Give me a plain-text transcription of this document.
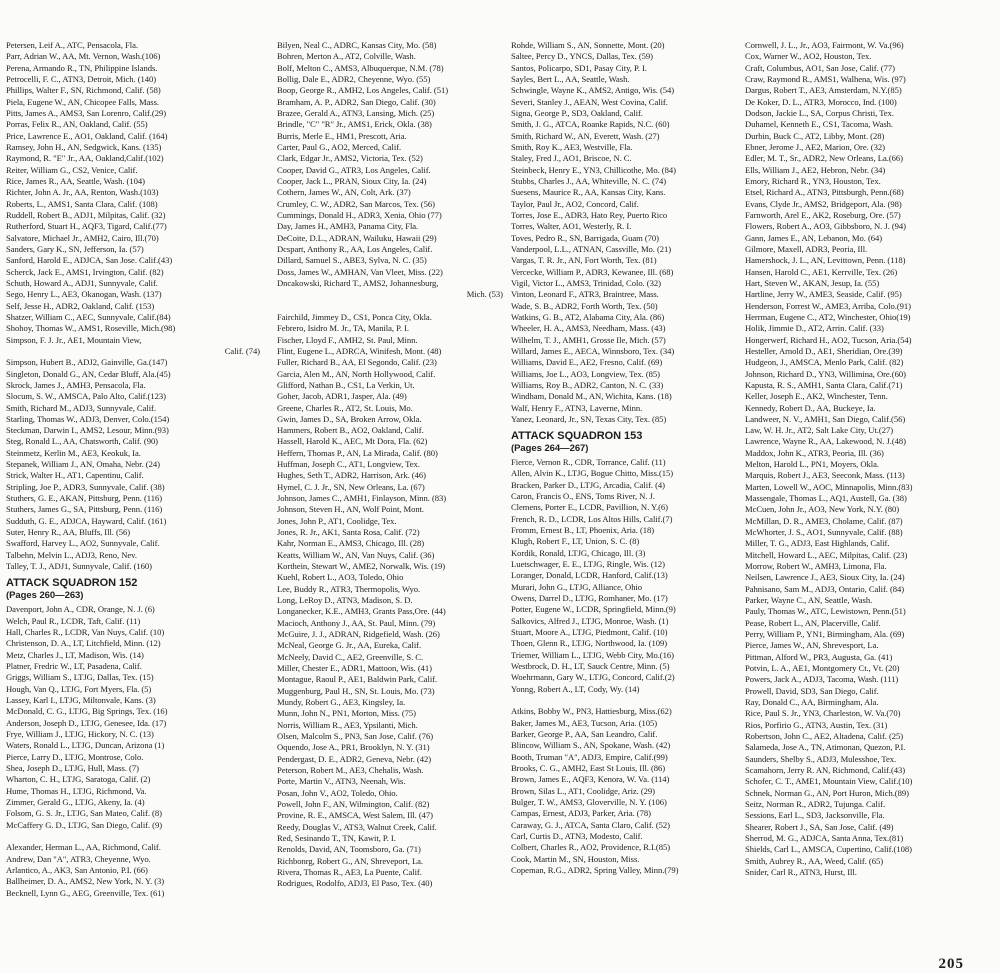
Petersen, Leif A., ATC, Pensacola, Fla.
Parr, Adrian W., AA, Mt. Vernon, Wash.(106)
Perena, Armando R., TN, Philippine Islands.
Petrocelli, F. C., ATN3, Detroit, Mich. (140)
Phillips, Walter F., SN, Richmond, Calif. (58)
Piela, Eugene W., AN, Chicopee Falls, Mass.
Pitts, James A., AMS3, San Lorenro, Calif.(29)
Porras, Felix R., AN, Oakland, Calif. (55)
Price, Lawrence E., AO1, Oakland, Calif. (164)
Ramsey, John H., AN, Sedgwick, Kans. (135)
Raymond, R. "E" Jr., AA, Oakland,Calif.(102)
Reiter, William G., CS2, Venice, Calif.
Rice, James R., AA, Seattle, Wash. (104)
Richter, John A. Jr., AA, Renton, Wash.(103)
Roberts, L., AMS1, Santa Clara, Calif. (108)
Ruddell, Robert B., ADJ1, Milpitas, Calif. (32)
Rutherford, Stuart H., AQF3, Tigard, Calif.(77)
Salvatore, Michael Jr., AMH2, Cairo, Ill.(70)
Sanders, Gary K., SN, Jefferson, Ia. (57)
Sanford, Harold E., ADJCA, San Jose. Calif.(43)
Scherck, Jack E., AMS1, Irvington, Calif. (82)
Schuth, Howard A., ADJ1, Sunnyvale, Calif.
Sego, Henry L., AE3, Okanogan, Wash. (137)
Self, Jesse H., ADR2, Oakland, Calif. (153)
Shatzer, William C., AEC, Sunnyvale, Calif.(84)
Shohoy, Thomas W., AMS1, Roseville, Mich.(98)
Simpson, F. J. Jr., AE1, Mountain View,
Calif. (74)
Simpson, Hubert B., ADJ2, Gainville, Ga.(147)
Singleton, Donald G., AN, Cedar Bluff, Ala.(45)
Skrock, James J., AMH3, Pensacola, Fla.
Slocum, S. W., AMSCA, Palo Alto, Calif.(123)
Smith, Richard M., ADJ3, Sunnyvale, Calif.
Starling, Thomas W., ADJ3, Denver, Colo.(154)
Steckman, Darwin I., AMS2, Lesour, Minn.(93)
Steg, Ronald L., AA, Chatsworth, Calif. (90)
Steinmetz, Kerlin M., AE3, Keokuk, Ia.
Stepanek, William J., AN, Omaha, Nebr. (24)
Strick, Walter H., AT1, Capentinu, Calif.
Stripling, Joe P., ADR3, Sunnyvale, Calif. (38)
Stuthers, G. E., AKAN, Pittsburg, Penn. (116)
Stuthers, James G., SA, Pittsburg, Penn. (116)
Sudduth, G. E., ADJCA, Hayward, Calif. (161)
Suter, Henry R., AA, Bluffs, Ill. (56)
Swafford, Harvey L., AO2, Sunnyvale, Calif.
Talbehn, Melvin L., ADJ3, Reno, Nev.
Talley, T. J., ADJ1, Sunnyvale, Calif. (160)
ATTACK SQUADRON 152
(Pages 260—263)
Davenport, John A., CDR, Orange, N. J. (6)
Welch, Paul R., LCDR, Taft, Calif. (11)
Hall, Charles R., LCDR, Van Nuys, Calif. (10)
Christenson, D. A., LT, Litchfield, Minn. (12)
Metz, Charles J., LT, Madison, Wis. (14)
Platner, Fredric W., LT, Pasadena, Calif.
Griggs, William S., LTJG, Dallas, Tex. (15)
Hough, Van Q., LTJG, Fort Myers, Fla. (5)
Lassey, Karl I., LTJG, Miltonvale, Kans. (3)
McDonald, C. G., LTJG, Big Springs, Tex. (16)
Anderson, Joseph D., LTJG, Genesee, Ida. (17)
Frye, William J., LTJG, Hickory, N. C. (13)
Waters, Ronald L., LTJG, Duncan, Arizona (1)
Pierce, Larry D., LTJG, Montrose, Colo.
Shea, Joseph D., LTJG, Hull, Mass. (7)
Wharton, C. H., LTJG, Saratoga, Calif. (2)
Hume, Thomas H., LTJG, Richmond, Va.
Zimmer, Gerald G., LTJG, Akeny, Ia. (4)
Folsom, G. S. Jr., LTJG, San Mateo, Calif. (8)
McCaffery G. D., LTJG, San Diego, Calif. (9)
Alexander, Herman L., AA, Richmond, Calif.
Andrew, Dan "A", ATR3, Cheyenne, Wyo.
Arlantico, A., AK3, San Antonio, P.I. (66)
Ballheimer, D. A., AMS2, New York, N. Y. (3)
Becknell, Lynn G., AEG, Greenville, Tex. (61)
Bilyen, Neal C., ADRC, Kansas City, Mo. (58)
Bohren, Merton A., AT2, Colville, Wash.
Bolf, Melton C., AMS3, Albuquerque, N.M. (78)
Bollig, Dale E., ADR2, Cheyenne, Wyo. (55)
Boop, George R., AMH2, Los Angeles, Calif. (51)
Bramham, A. P., ADR2, San Diego, Calif. (30)
Brazee, Gerald A., ATN3, Lansing, Mich. (25)
Brindle, "C" "R" Jr., AMS1, Erick, Okla. (38)
Burris, Merle E., HM1, Prescott, Aria.
Carter, Paul G., AO2, Merced, Calif.
Clark, Edgar Jr., AMS2, Victoria, Tex. (52)
Cooper, David G., ATR3, Los Angeles, Calif.
Cooper, Jack L., PRAN, Sioux City, Ia. (24)
Cothern, James W., AN, Colt, Ark. (37)
Crumley, C. W., ADR2, San Marcos, Tex. (56)
Cummings, Donald H., ADR3, Xenia, Ohio (77)
Day, James H., AMH3, Panama City, Fla.
DeCoite, D.L., ADRAN, Wailuku, Hawaii (29)
Dcspart, Anthony R., AA, Los Angeles, Calif.
Dillard, Samuel S., ABE3, Sylva, N. C. (35)
Doss, James W., AMHAN, Van Vleet, Miss. (22)
Dncakowski, Richard T., AMS2, Johannesburg,
Mich. (53)
Fairchild, Jimmey D., CS1, Ponca City, Okla.
Febrero, Isidro M. Jr., TA, Manila, P. I.
Fischer, Lloyd F., AMH2, St. Paul, Minn.
Flint, Eugene L., ADRCA, Winifesh, Mont. (48)
Fuller, Richard B., AA, El Segondo, Calif. (23)
Garcia, Alen M., AN, North Hollywood, Calif.
Glifford, Nathan B., CS1, La Verkin, Ut.
Goher, Jacob, ADR1, Jasper, Ala. (49)
Greene, Charles R., AT2, St. Louis, Mo.
Gwin, James D., SA, Broken Arrow, Okla.
Hammers, Robert B., AO2, Oakland, Calif.
Hassell, Harold K., AEC, Mt Dora, Fla. (62)
Heffern, Thomas P., AN, La Mirada, Calif. (80)
Huffman, Joseph C., AT1, Longview, Tex.
Hughes, Seth T., ADR2, Harrison, Ark. (46)
Hymel, C. J. Jr., SN, New Orleans, La. (67)
Johnson, James C., AMH1, Finlayson, Minn. (83)
Johnson, Steven H., AN, Wolf Point, Mont.
Jones, John P., AT1, Coolidge, Tex.
Jones, R. Jr., AK1, Santa Rosa, Calif. (72)
Kahr, Norman E., AMS3, Chicago, Ill. (28)
Keatts, William W., AN, Van Nuys, Calif. (36)
Korthein, Stewart W., AME2, Norwalk, Wis. (19)
Kuehl, Robert L., AO3, Toledo, Ohio
Lee, Buddy R., ATR3, Thermopolis, Wyo.
Long, LeRoy D., ATN3, Madison, S. D.
Longanecker, K.E., AMH3, Grants Pass,Ore. (44)
Macioch, Anthony J., AA, St. Paul, Minn. (79)
McGuire, J. J., ADRAN, Ridgefield, Wash. (26)
McNeal, George G. Jr., AA, Eureka, Calif.
McNeely, David C., AE2, Greenville, S. C.
Miller, Chester E., ADR1, Mattoon, Wis. (41)
Montague, Raoul P., AE1, Baldwin Park, Calif.
Muggenburg, Paul H., SN, St. Louis, Mo. (73)
Mundy, Robert G., AE3, Kingsley, Ia.
Munn, John N., PN1, Morton, Miss. (75)
Norris, William R., AE3, Ypsilanti, Mich.
Olsen, Malcolm S., PN3, San Jose, Calif. (76)
Oquendo, Jose A., PR1, Brooklyn, N. Y. (31)
Pendergast, D. E., ADR2, Geneva, Nebr. (42)
Peterson, Robert M., AE3, Chehalis, Wash.
Porte, Martin V., ATN3, Neenah, Wis.
Posan, John V., AO2, Toledo, Ohio.
Powell, John F., AN, Wilmington, Calif. (82)
Provine, R. E., AMSCA, West Salem, Ill. (47)
Reedy, Douglas V., ATS3, Walnut Creek, Calif.
Red, Sesinando T., TN, Kawit, P. I.
Renolds, David, AN, Toomsboro, Ga. (71)
Richbonrg, Robert G., AN, Shreveport, La.
Rivera, Thomas R., AE3, La Puente, Calif.
Rodrigues, Rodolfo, ADJ3, El Paso, Tex. (40)
Rohde, William S., AN, Sonnette, Mont. (20)
Saltee, Percy D., YNCS, Dallas, Tex. (59)
Santos, Policarpo, SD1, Pasay City, P. I.
Sayles, Bert L., AA, Seattle, Wash.
Schwingle, Wayne K., AMS2, Antigo, Wis. (54)
Severi, Stanley J., AEAN, West Covina, Calif.
Signa, George P., SD3, Oakland, Calif.
Smith, J. G., ATCA, Roanke Rapids, N.C. (60)
Smith, Richard W., AN, Everett, Wash. (27)
Smith, Roy K., AE3, Westville, Fla.
Staley, Fred J., AO1, Briscoe, N. C.
Steinbeck, Henry E., YN3, Chillicothe, Mo. (84)
Stubbs, Charles J., AA, Whiteville, N. C. (74)
Suesens, Maurice R., AA, Kansas City, Kans.
Taylor, Paul Jr., AO2, Concord, Calif.
Torres, Jose E., ADR3, Hato Rey, Puerto Rico
Torres, Walter, AO1, Westerly, R. I.
Toves, Pedro R., SN, Barrigada, Guam (70)
Vanderpool, L.L., ATNAN, Cassville, Mo. (21)
Vargas, T. R. Jr., AN, Fort Worth, Tex. (81)
Vercecke, William P., ADR3, Kewanee, Ill. (68)
Vigil, Victor L., AMS3, Trinidad, Colo. (32)
Vinton, Leonard F., ATR3, Braintree, Mass.
Wade, S. B., ADR2, Forth Worth, Tex. (50)
Watkins, G. B., AT2, Alabama City, Ala. (86)
Wheeler, H. A., AMS3, Needham, Mass. (43)
Wilhelm, T. J., AMH1, Grosse Ile, Mich. (57)
Willard, James E., AECA, Winnsboro, Tex. (34)
Williams, David E., AE2, Fresno, Calif. (69)
Williams, Joe L., AO3, Longview, Tex. (85)
Williams, Roy B., ADR2, Canton, N. C. (33)
Windham, Donald M., AN, Wichita, Kans. (18)
Walf, Henry F., ATN3, Laverne, Minn.
Yanez, Leonard, Jr., SN, Texas City, Tex. (85)
ATTACK SQUADRON 153
(Pages 264—267)
Fierce, Vernon R., CDR, Torrance, Calif. (11)
Allen, Alvin K., LTJG, Bogue Chitto, Miss.(15)
Bracken, Parker D., LTJG, Arcadia, Calif. (4)
Caron, Francis O., ENS, Toms River, N. J.
Clemens, Porter E., LCDR, Pavillion, N. Y.(6)
French, R. D., LCDR, Los Altos Hills, Calif.(7)
Fromm, Ernest B., LT, Phoenix, Aria. (18)
Klugh, Robert F., LT, Union, S. C. (8)
Kordik, Ronald, LTJG, Chicago, Ill. (3)
Luetschwager, E. E., LTJG, Ringle, Wis. (12)
Loranger, Donald, LCDR, Hanford, Calif.(13)
Murari, John G., LTJG, Alliance, Ohio
Owens, Darrel D., LTJG, Romhaner, Mo. (17)
Potter, Eugene W., LCDR, Springfield, Minn.(9)
Salkovics, Alfred J., LTJG, Monroe, Wash. (1)
Stuart, Moore A., LTJG, Piedmont, Calif. (10)
Thoen, Glenn R., LTJG, Northwood, Ia. (109)
Triemer, William L., LTJG, Webb City, Mo.(16)
Westbrock, D. H., LT, Sauck Centre, Minn. (5)
Woehrmann, Gary W., LTJG, Concord, Calif.(2)
Yonng, Robert A., LT, Cody, Wy. (14)
Atkins, Bobby W., PN3, Hattiesburg, Miss.(62)
Baker, James M., AE3, Tucson, Aria. (105)
Barker, George P., AA, San Leandro, Calif.
Blincow, William S., AN, Spokane, Wash. (42)
Booth, Truman "A", ADJ3, Empire, Calif.(99)
Brooks, C. G., AMH2, East St Louis, Ill. (86)
Brown, James E., AQF3, Kenora, W. Va. (114)
Brown, Silas L., AT1, Coolidge, Ariz. (29)
Bulger, T. W., AMS3, Gloverville, N. Y. (106)
Campas, Ernest, ADJ3, Parker, Aria. (78)
Caraway, G. J., ATCA, Santa Claro, Calif. (52)
Carl, Curtis D., ATN3, Modesto, Calif.
Colbert, Charles R., AO2, Providence, R.I.(85)
Cook, Martin M., SN, Houston, Miss.
Copeman, R.G., ADR2, Spring Valley, Minn.(79)
Cornwell, J. L., Jr., AO3, Fairmont, W. Va.(96)
Cox, Warner W., AO2, Houston, Tex.
Craft, Columbus, AO1, San Jose, Calif. (77)
Craw, Raymond R., AMS1, Walhena, Wis. (97)
Dargus, Robert T., AE3, Amsterdam, N.Y.(85)
De Koker, D. L., ATR3, Morocco, Ind. (100)
Dodson, Jackie L., SA, Corpus Christi, Tex.
Duhamel, Kenneth E., CS1, Tacoma, Wash.
Durbin, Buck C., AT2, Libby, Mont. (28)
Ebner, Jerome J., AE2, Marion, Ore. (32)
Edler, M. T., Sr., ADR2, New Orleans, La.(66)
Ells, William J., AE2, Hebron, Nebr. (34)
Emory, Richard R., YN3, Houston, Tex.
Etsel, Richard A., ATN3, Pittsburgh, Penn.(68)
Evans, Clyde Jr., AMS2, Bridgeport, Ala. (98)
Farnworth, Arel E., AK2, Roseburg, Ore. (57)
Flowers, Robert A., AO3, Gibbsboro, N. J. (94)
Gann, James E., AN, Lebanon, Mo. (64)
Gilmore, Maxell, ADR3, Peoria, Ill.
Hamershock, J. L., AN, Levittown, Penn. (118)
Hansen, Harold C., AE1, Kerrville, Tex. (26)
Hart, Steven W., AKAN, Jesup, Ia. (55)
Hartline, Jerry W., AME3, Seaside, Calif. (95)
Henderson, Forrest W., AME3, Arriba, Colo.(91)
Herrman, Eugene C., AT2, Winchester, Ohio(19)
Holik, Jimmie D., AT2, Arrin. Calif. (33)
Hongerwerf, Richard H., AO2, Tucson, Aria.(54)
Hesteller, Arnold D., AE1, Sheridian, Ore.(39)
Hudgeon, J., AMSCA, Menlo Park, Calif. (82)
Johnson, Richard D., YN3, Willimina, Ore.(60)
Kapusta, R. S., AMH1, Santa Clara, Calif.(71)
Keller, Joseph E., AK2, Winchester, Tenn.
Kennedy, Robert D., AA, Buckeye, Ia.
Landweer, N. V., AMH1, San Diego, Calif.(56)
Law, W. H. Jr., AT2, Salt Lake City, Ut.(27)
Lawrence, Wayne R., AA, Lakewood, N. J.(48)
Maddox, John K., ATR3, Peoria, Ill. (36)
Melton, Harold L., PN1, Moyers, Okla.
Marquis, Robert J., AE3, Seeconk, Mass. (113)
Marten, Lowell W., AOC, Minnapolis, Minn.(83)
Massengale, Thomas L., AQ1, Austell, Ga. (38)
McCuen, John Jr., AO3, New York, N.Y. (80)
McMillan, D. R., AME3, Cholame, Calif. (87)
McWhorter, J. S., AO1, Sunnyvale, Calif. (88)
Miller, T. G., ADJ3, East Highlands, Calif.
Mitchell, Howard L., AEC, Milpitas, Calif. (23)
Morrow, Robert W., AMH3, Limona, Fla.
Neilsen, Lawrence J., AE3, Sioux City, Ia. (24)
Pahnisano, Sam M., ADJ3, Ontario, Calif. (84)
Parker, Wayne C., AN, Seattle, Wash.
Pauly, Thomas W., ATC, Lewistown, Penn.(51)
Pease, Robert L., AN, Placerville, Calif.
Perry, William P., YN1, Birmingham, Ala. (69)
Pierce, James W., AN, Shrevesport, La.
Pittman, Alford W., PR3, Augusta, Ga. (41)
Potvin, L. A., AE1, Montgomery Ct., Vt. (20)
Powers, Jack A., ADJ3, Tacoma, Wash. (111)
Prowell, David, SD3, San Diego, Calif.
Ray, Donald C., AA, Birmingham, Ala.
Rice, Paul S. Jr., YN3, Charleston, W. Va.(70)
Rios, Porfirio G., ATN3, Austin, Tex. (31)
Robertson, John C., AE2, Altadena, Calif. (25)
Salameda, Jose A., TN, Atimonan, Quezon, P.I.
Saunders, Shelby S., ADJ3, Mulesshoe, Tex.
Scamahorn, Jerry R. AN, Richmond, Calif.(43)
Schofer, C. T., AME1, Mountain View, Calif.(10)
Schnek, Norman G., AN, Port Huron, Mich.(89)
Seitz, Norman R., ADR2, Tujunga. Calif.
Sessions, Earl L., SD3, Jacksonville, Fla.
Shearer, Robert J., SA, San Jose, Calif. (49)
Sherrod, M. G., ADJCA, Santa Anna, Tex.(81)
Shields, Carl L., AMSCA, Cupertino, Calif.(108)
Smith, Aubrey R., AA, Weed, Calif. (65)
Snider, Carl R., ATN3, Hurst, Ill.
205
